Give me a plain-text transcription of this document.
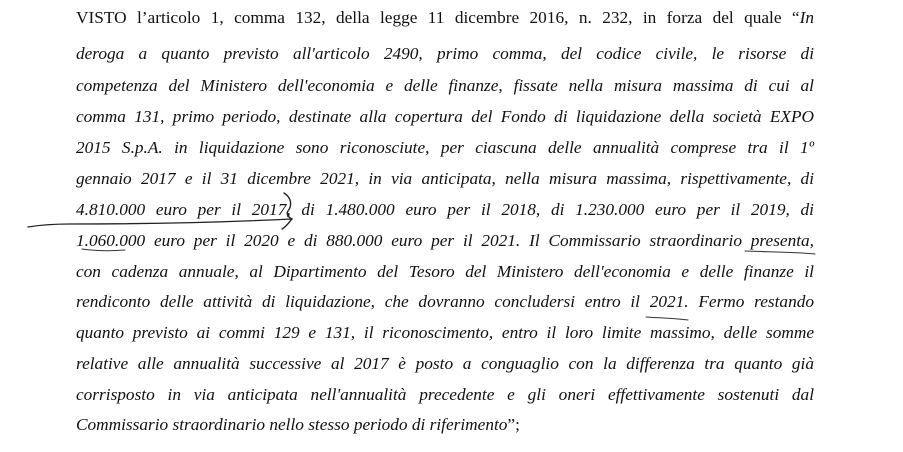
VISTO l’articolo 1, comma 132, della legge 11 dicembre 2016, n. 232, in forza del quale “In
deroga a quanto previsto all'articolo 2490, primo comma, del codice civile, le risorse di
competenza del Ministero dell'economia e delle finanze, fissate nella misura massima di cui al
comma 131, primo periodo, destinate alla copertura del Fondo di liquidazione della società EXPO
2015 S.p.A. in liquidazione sono riconosciute, per ciascuna delle annualità comprese tra il 1º
gennaio 2017 e il 31 dicembre 2021, in via anticipata, nella misura massima, rispettivamente, di
4.810.000 euro per il 2017, di 1.480.000 euro per il 2018, di 1.230.000 euro per il 2019, di
1.060.000 euro per il 2020 e di 880.000 euro per il 2021. Il Commissario straordinario presenta,
con cadenza annuale, al Dipartimento del Tesoro del Ministero dell'economia e delle finanze il
rendiconto delle attività di liquidazione, che dovranno concludersi entro il 2021. Fermo restando
quanto previsto ai commi 129 e 131, il riconoscimento, entro il loro limite massimo, delle somme
relative alle annualità successive al 2017 è posto a conguaglio con la differenza tra quanto già
corrisposto in via anticipata nell'annualità precedente e gli oneri effettivamente sostenuti dal
Commissario straordinario nello stesso periodo di riferimento”;
